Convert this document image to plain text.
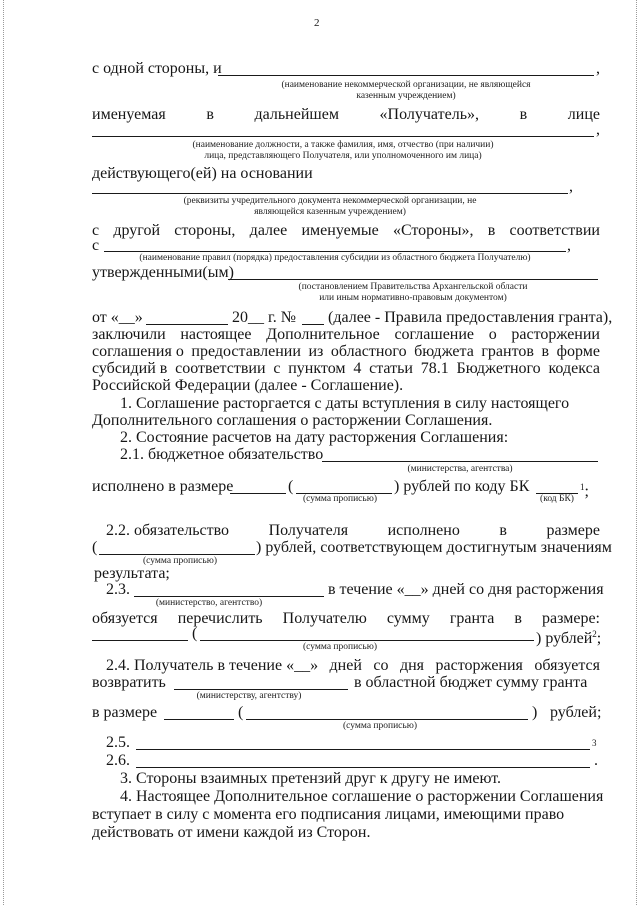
2
с одной стороны, и	,
(наименование некоммерческой организации, не являющейся
казенным учреждением)
именуемая	в	дальнейшем	«Получатель»,	в	лице
,
(наименование должности, а также фамилия, имя, отчество (при наличии)
лица, представляющего Получателя, или уполномоченного им лица)
действующего(ей) на основании
,
(реквизиты учредительного документа некоммерческой организации, не
являющейся казенным учреждением)
с другой стороны, далее именуемые «Стороны», в соответствии
с	,
(наименование правил (порядка) предоставления субсидии из областного бюджета Получателю)
утвержденными(ым)
(постановлением Правительства Архангельской области
или иным нормативно-правовым документом)
от «__»	20__ г. № (далее - Правила предоставления гранта),
заключили настоящее Дополнительное соглашение о расторжении
соглашения о предоставлении из областного бюджета грантов в форме
субсидий в соответствии с пунктом 4 статьи 78.1 Бюджетного кодекса
Российской Федерации (далее - Соглашение).
1. Соглашение расторгается с даты вступления в силу настоящего
Дополнительного соглашения о расторжении Соглашения.
2. Состояние расчетов на дату расторжения Соглашения:
2.1. бюджетное обязательство
(министерства, агентства)
исполнено в размере	(	) рублей по коду БК	$^1$;
(сумма прописью)	(код БК)
2.2. обязательство Получателя исполнено в размере
(	) рублей, соответствующем достигнутым значениям
(сумма прописью)
результата;
2.3.	в течение «__» дней со дня расторжения
(министерство, агентство)
обязуется перечислить Получателю сумму гранта в размере:
(	) рублей$^2$;
(сумма прописью)
2.4. Получатель в течение «__» дней со дня расторжения обязуется
возвратить	в областной бюджет сумму гранта
(министерству, агентству)
в размере	(	) рублей;
(сумма прописью)
2.5.	$^3$
2.6.	.
3. Стороны взаимных претензий друг к другу не имеют.
4. Настоящее Дополнительное соглашение о расторжении Соглашения
вступает в силу с момента его подписания лицами, имеющими право
действовать от имени каждой из Сторон.
